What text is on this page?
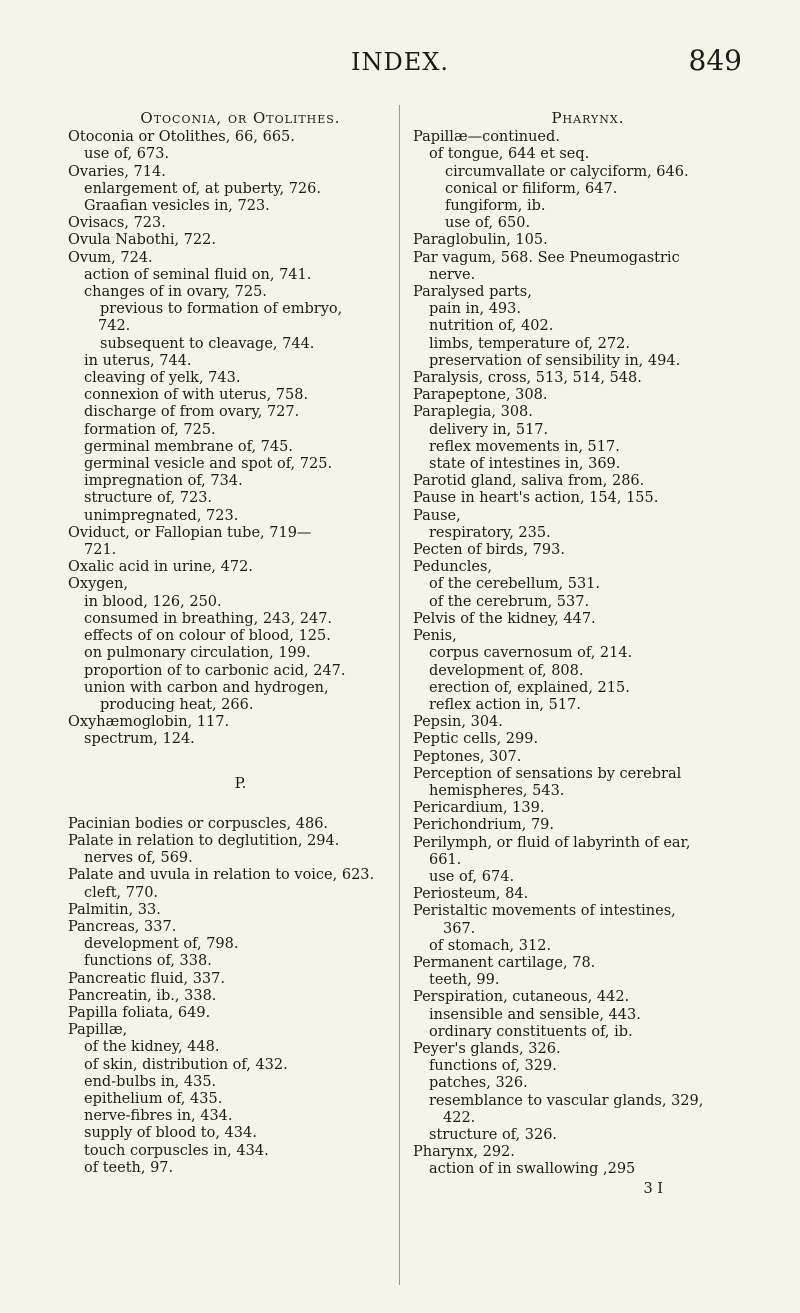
INDEX.	849
Otoconia, or Otolithes.
Otoconia or Otolithes, 66, 665.
use of, 673.
Ovaries, 714.
enlargement of, at puberty, 726.
Graafian vesicles in, 723.
Ovisacs, 723.
Ovula Nabothi, 722.
Ovum, 724.
action of seminal fluid on, 741.
changes of in ovary, 725.
previous to formation of embryo,
742.
subsequent to cleavage, 744.
in uterus, 744.
cleaving of yelk, 743.
connexion of with uterus, 758.
discharge of from ovary, 727.
formation of, 725.
germinal membrane of, 745.
germinal vesicle and spot of, 725.
impregnation of, 734.
structure of, 723.
unimpregnated, 723.
Oviduct, or Fallopian tube, 719—
721.
Oxalic acid in urine, 472.
Oxygen,
in blood, 126, 250.
consumed in breathing, 243, 247.
effects of on colour of blood, 125.
on pulmonary circulation, 199.
proportion of to carbonic acid, 247.
union with carbon and hydrogen,
producing heat, 266.
Oxyhæmoglobin, 117.
spectrum, 124.
P.
Pacinian bodies or corpuscles, 486.
Palate in relation to deglutition, 294.
nerves of, 569.
Palate and uvula in relation to voice, 623.
cleft, 770.
Palmitin, 33.
Pancreas, 337.
development of, 798.
functions of, 338.
Pancreatic fluid, 337.
Pancreatin, ib., 338.
Papilla foliata, 649.
Papillæ,
of the kidney, 448.
of skin, distribution of, 432.
end-bulbs in, 435.
epithelium of, 435.
nerve-fibres in, 434.
supply of blood to, 434.
touch corpuscles in, 434.
of teeth, 97.
Pharynx.
Papillæ—continued.
of tongue, 644 et seq.
circumvallate or calyciform, 646.
conical or filiform, 647.
fungiform, ib.
use of, 650.
Paraglobulin, 105.
Par vagum, 568. See Pneumogastric
nerve.
Paralysed parts,
pain in, 493.
nutrition of, 402.
limbs, temperature of, 272.
preservation of sensibility in, 494.
Paralysis, cross, 513, 514, 548.
Parapeptone, 308.
Paraplegia, 308.
delivery in, 517.
reflex movements in, 517.
state of intestines in, 369.
Parotid gland, saliva from, 286.
Pause in heart's action, 154, 155.
Pause,
respiratory, 235.
Pecten of birds, 793.
Peduncles,
of the cerebellum, 531.
of the cerebrum, 537.
Pelvis of the kidney, 447.
Penis,
corpus cavernosum of, 214.
development of, 808.
erection of, explained, 215.
reflex action in, 517.
Pepsin, 304.
Peptic cells, 299.
Peptones, 307.
Perception of sensations by cerebral
hemispheres, 543.
Pericardium, 139.
Perichondrium, 79.
Perilymph, or fluid of labyrinth of ear,
661.
use of, 674.
Periosteum, 84.
Peristaltic movements of intestines,
367.
of stomach, 312.
Permanent cartilage, 78.
teeth, 99.
Perspiration, cutaneous, 442.
insensible and sensible, 443.
ordinary constituents of, ib.
Peyer's glands, 326.
functions of, 329.
patches, 326.
resemblance to vascular glands, 329,
422.
structure of, 326.
Pharynx, 292.
action of in swallowing ,295
3 I
